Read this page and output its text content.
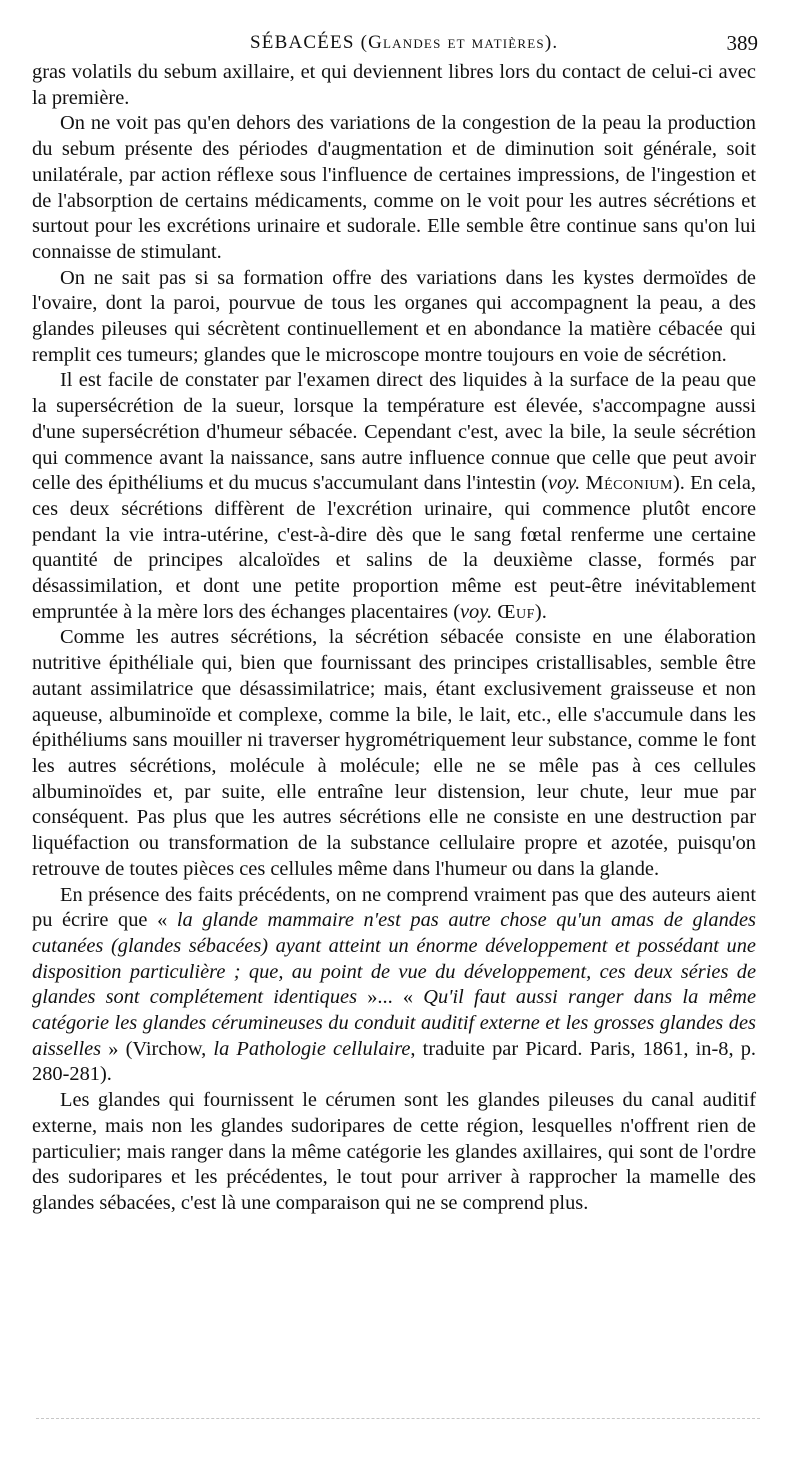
SÉBACÉES (Glandes et matières).	389

gras volatils du sebum axillaire, et qui deviennent libres lors du contact de celui-ci avec la première.

On ne voit pas qu'en dehors des variations de la congestion de la peau la production du sebum présente des périodes d'augmentation et de diminution soit générale, soit unilatérale, par action réflexe sous l'influence de certaines impressions, de l'ingestion et de l'absorption de certains médicaments, comme on le voit pour les autres sécrétions et surtout pour les excrétions urinaire et sudorale. Elle semble être continue sans qu'on lui connaisse de stimulant.

On ne sait pas si sa formation offre des variations dans les kystes dermoïdes de l'ovaire, dont la paroi, pourvue de tous les organes qui accompagnent la peau, a des glandes pileuses qui sécrètent continuellement et en abondance la matière cébacée qui remplit ces tumeurs; glandes que le microscope montre toujours en voie de sécrétion.

Il est facile de constater par l'examen direct des liquides à la surface de la peau que la supersécrétion de la sueur, lorsque la température est élevée, s'accompagne aussi d'une supersécrétion d'humeur sébacée. Cependant c'est, avec la bile, la seule sécrétion qui commence avant la naissance, sans autre influence connue que celle que peut avoir celle des épithéliums et du mucus s'accumulant dans l'intestin (voy. Méconium). En cela, ces deux sécrétions diffèrent de l'excrétion urinaire, qui commence plutôt encore pendant la vie intra-utérine, c'est-à-dire dès que le sang fœtal renferme une certaine quantité de principes alcaloïdes et salins de la deuxième classe, formés par désassimilation, et dont une petite proportion même est peut-être inévitablement empruntée à la mère lors des échanges placentaires (voy. Œuf).

Comme les autres sécrétions, la sécrétion sébacée consiste en une élaboration nutritive épithéliale qui, bien que fournissant des principes cristallisables, semble être autant assimilatrice que désassimilatrice; mais, étant exclusivement graisseuse et non aqueuse, albuminoïde et complexe, comme la bile, le lait, etc., elle s'accumule dans les épithéliums sans mouiller ni traverser hygrométriquement leur substance, comme le font les autres sécrétions, molécule à molécule; elle ne se mêle pas à ces cellules albuminoïdes et, par suite, elle entraîne leur distension, leur chute, leur mue par conséquent. Pas plus que les autres sécrétions elle ne consiste en une destruction par liquéfaction ou transformation de la substance cellulaire propre et azotée, puisqu'on retrouve de toutes pièces ces cellules même dans l'humeur ou dans la glande.

En présence des faits précédents, on ne comprend vraiment pas que des auteurs aient pu écrire que « la glande mammaire n'est pas autre chose qu'un amas de glandes cutanées (glandes sébacées) ayant atteint un énorme développement et possédant une disposition particulière ; que, au point de vue du développement, ces deux séries de glandes sont complétement identiques »... « Qu'il faut aussi ranger dans la même catégorie les glandes cérumineuses du conduit auditif externe et les grosses glandes des aisselles » (Virchow, la Pathologie cellulaire, traduite par Picard. Paris, 1861, in-8, p. 280-281).

Les glandes qui fournissent le cérumen sont les glandes pileuses du canal auditif externe, mais non les glandes sudoripares de cette région, lesquelles n'offrent rien de particulier; mais ranger dans la même catégorie les glandes axillaires, qui sont de l'ordre des sudoripares et les précédentes, le tout pour arriver à rapprocher la mamelle des glandes sébacées, c'est là une comparaison qui ne se comprend plus.
